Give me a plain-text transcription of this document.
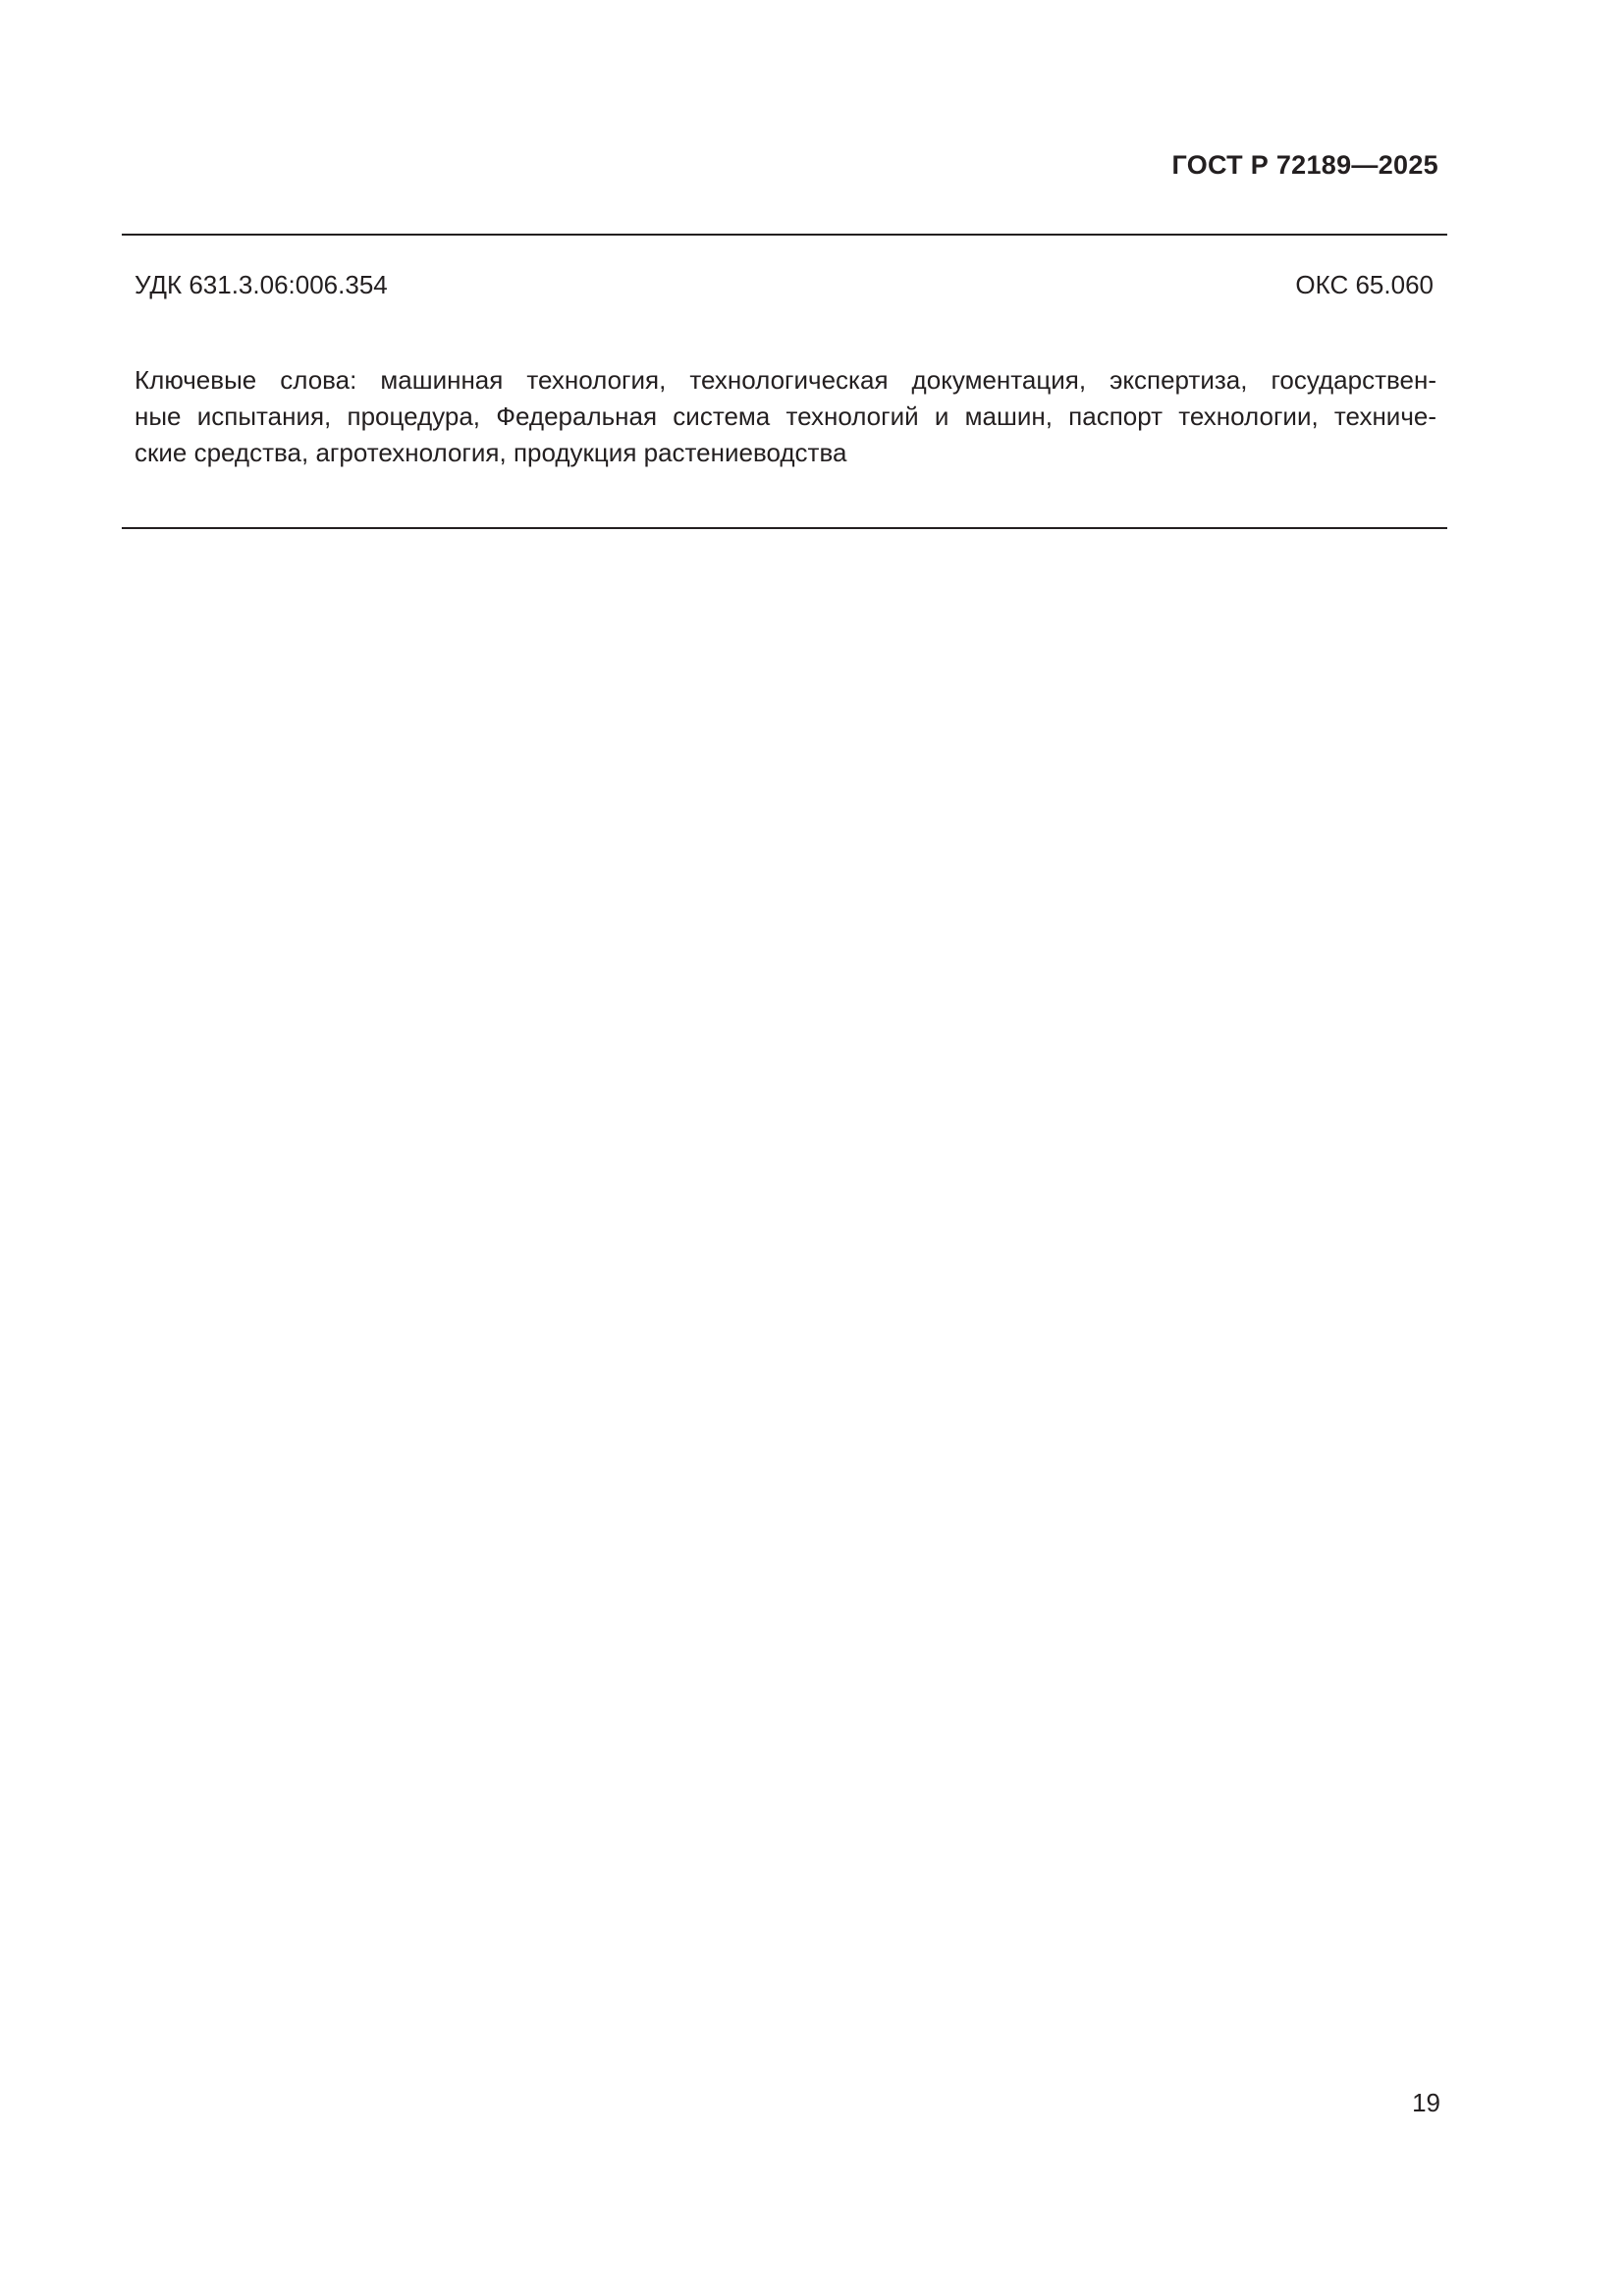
ГОСТ Р 72189—2025
УДК 631.3.06:006.354	ОКС 65.060
Ключевые слова: машинная технология, технологическая документация, экспертиза, государствен-
ные испытания, процедура, Федеральная система технологий и машин, паспорт технологии, техниче-
ские средства, агротехнология, продукция растениеводства
19
